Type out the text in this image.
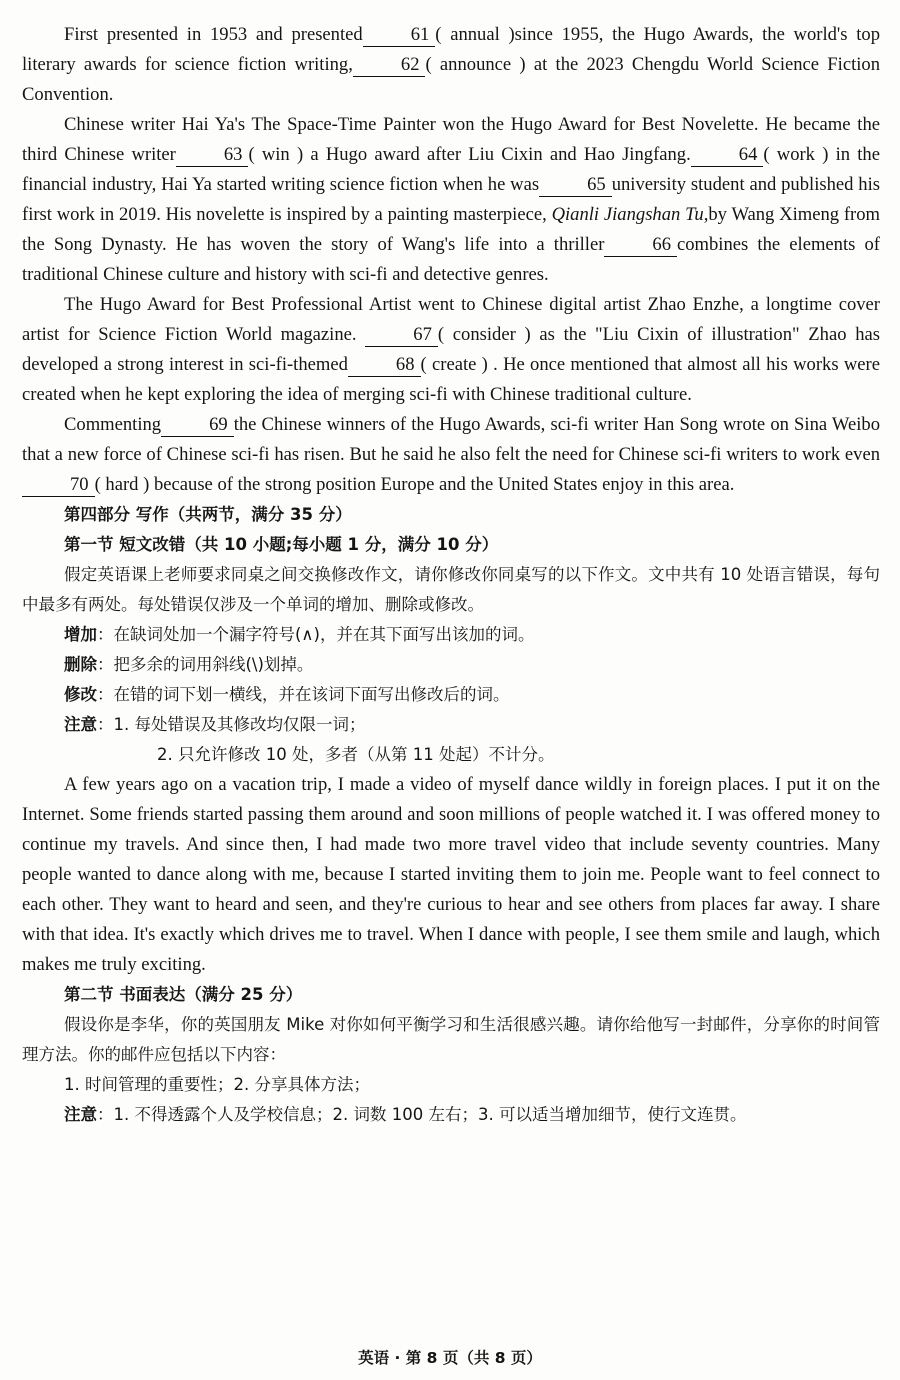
First presented in 1953 and presented	61 ( annual )since 1955, the Hugo Awards, the world's top literary awards for science fiction writing,	62 ( announce ) at the 2023 Chengdu World Science Fiction Convention.

Chinese writer Hai Ya's The Space-Time Painter won the Hugo Award for Best Novelette. He became the third Chinese writer	63 ( win ) a Hugo award after Liu Cixin and Hao Jingfang.	64 ( work ) in the financial industry, Hai Ya started writing science fiction when he was	65 university student and published his first work in 2019. His novelette is inspired by a painting masterpiece, Qianli Jiangshan Tu,by Wang Ximeng from the Song Dynasty. He has woven the story of Wang's life into a thriller	66 combines the elements of traditional Chinese culture and history with sci-fi and detective genres.

The Hugo Award for Best Professional Artist went to Chinese digital artist Zhao Enzhe, a longtime cover artist for Science Fiction World magazine.	67 ( consider ) as the "Liu Cixin of illustration" Zhao has developed a strong interest in sci-fi-themed	68 ( create ) . He once mentioned that almost all his works were created when he kept exploring the idea of merging sci-fi with Chinese traditional culture.

Commenting	69 the Chinese winners of the Hugo Awards, sci-fi writer Han Song wrote on Sina Weibo that a new force of Chinese sci-fi has risen. But he said he also felt the need for Chinese sci-fi writers to work even70 ( hard ) because of the strong position Europe and the United States enjoy in this area.

第四部分 写作（共两节，满分 35 分）

第一节 短文改错（共 10 小题;每小题 1 分，满分 10 分）

假定英语课上老师要求同桌之间交换修改作文，请你修改你同桌写的以下作文。文中共有 10 处语言错误，每句中最多有两处。每处错误仅涉及一个单词的增加、删除或修改。

增加：在缺词处加一个漏字符号(∧)，并在其下面写出该加的词。

删除：把多余的词用斜线(\)划掉。

修改：在错的词下划一横线，并在该词下面写出修改后的词。

注意：1. 每处错误及其修改均仅限一词；

2. 只允许修改 10 处，多者（从第 11 处起）不计分。

A few years ago on a vacation trip, I made a video of myself dance wildly in foreign places. I put it on the Internet. Some friends started passing them around and soon millions of people watched it. I was offered money to continue my travels. And since then, I had made two more travel video that include seventy countries. Many people wanted to dance along with me, because I started inviting them to join me. People want to feel connect to each other. They want to heard and seen, and they're curious to hear and see others from places far away. I share with that idea. It's exactly which drives me to travel. When I dance with people, I see them smile and laugh, which makes me truly exciting.

第二节 书面表达（满分 25 分）

假设你是李华，你的英国朋友 Mike 对你如何平衡学习和生活很感兴趣。请你给他写一封邮件，分享你的时间管理方法。你的邮件应包括以下内容：

1. 时间管理的重要性；2. 分享具体方法；

注意：1. 不得透露个人及学校信息；2. 词数 100 左右；3. 可以适当增加细节，使行文连贯。

英语 · 第 8 页（共 8 页）
